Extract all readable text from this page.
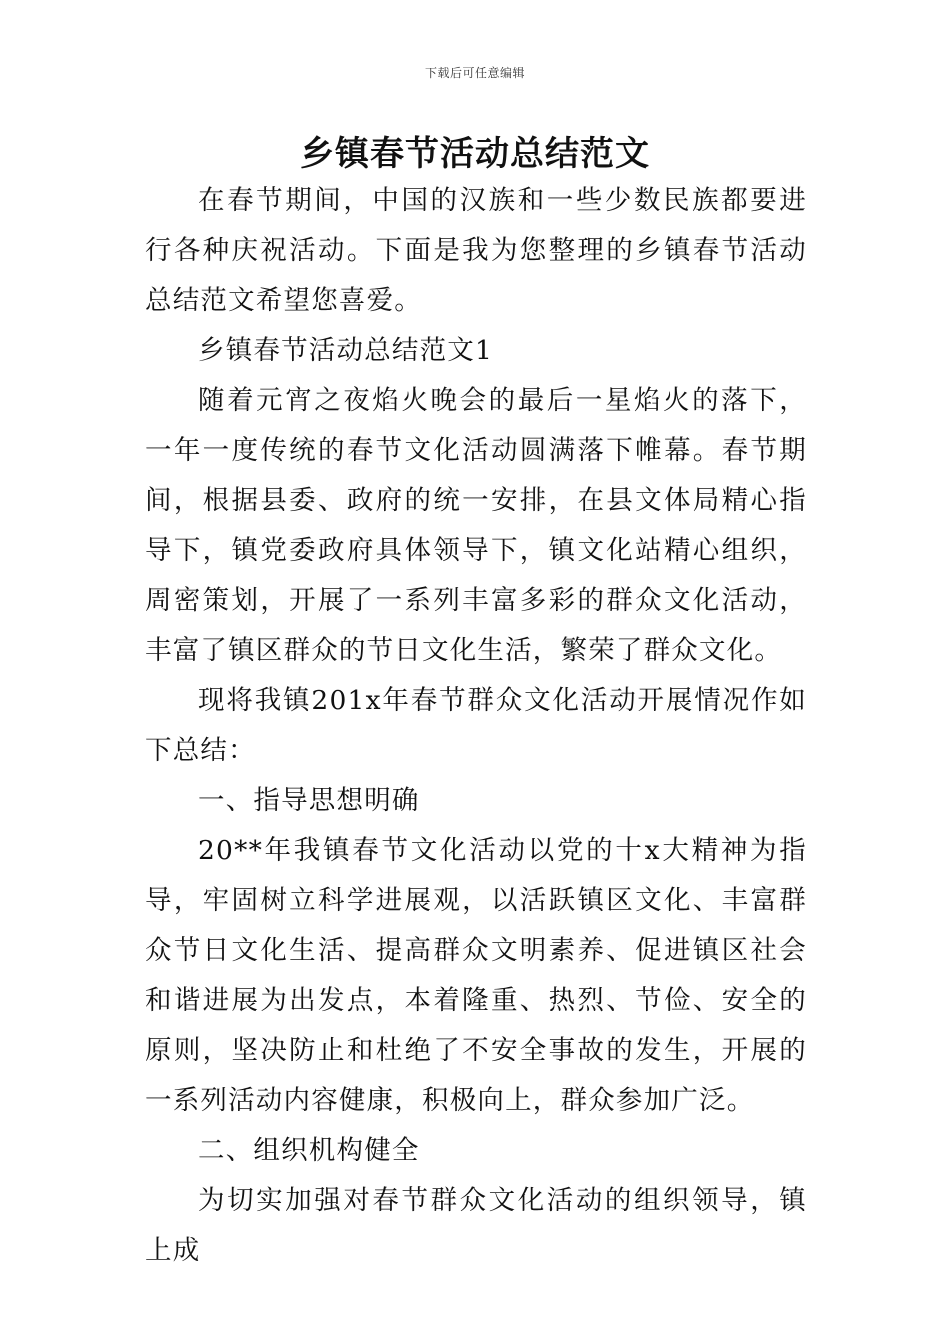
下载后可任意编辑
乡镇春节活动总结范文

在春节期间，中国的汉族和一些少数民族都要进行各种庆祝活动。下面是我为您整理的乡镇春节活动总结范文希望您喜爱。

乡镇春节活动总结范文1

随着元宵之夜焰火晚会的最后一星焰火的落下，一年一度传统的春节文化活动圆满落下帷幕。春节期间，根据县委、政府的统一安排，在县文体局精心指导下，镇党委政府具体领导下，镇文化站精心组织，周密策划，开展了一系列丰富多彩的群众文化活动，丰富了镇区群众的节日文化生活，繁荣了群众文化。

现将我镇201x年春节群众文化活动开展情况作如下总结：

一、指导思想明确

20**年我镇春节文化活动以党的十x大精神为指导，牢固树立科学进展观，以活跃镇区文化、丰富群众节日文化生活、提高群众文明素养、促进镇区社会和谐进展为出发点，本着隆重、热烈、节俭、安全的原则，坚决防止和杜绝了不安全事故的发生，开展的一系列活动内容健康，积极向上，群众参加广泛。

二、组织机构健全

为切实加强对春节群众文化活动的组织领导，镇上成
